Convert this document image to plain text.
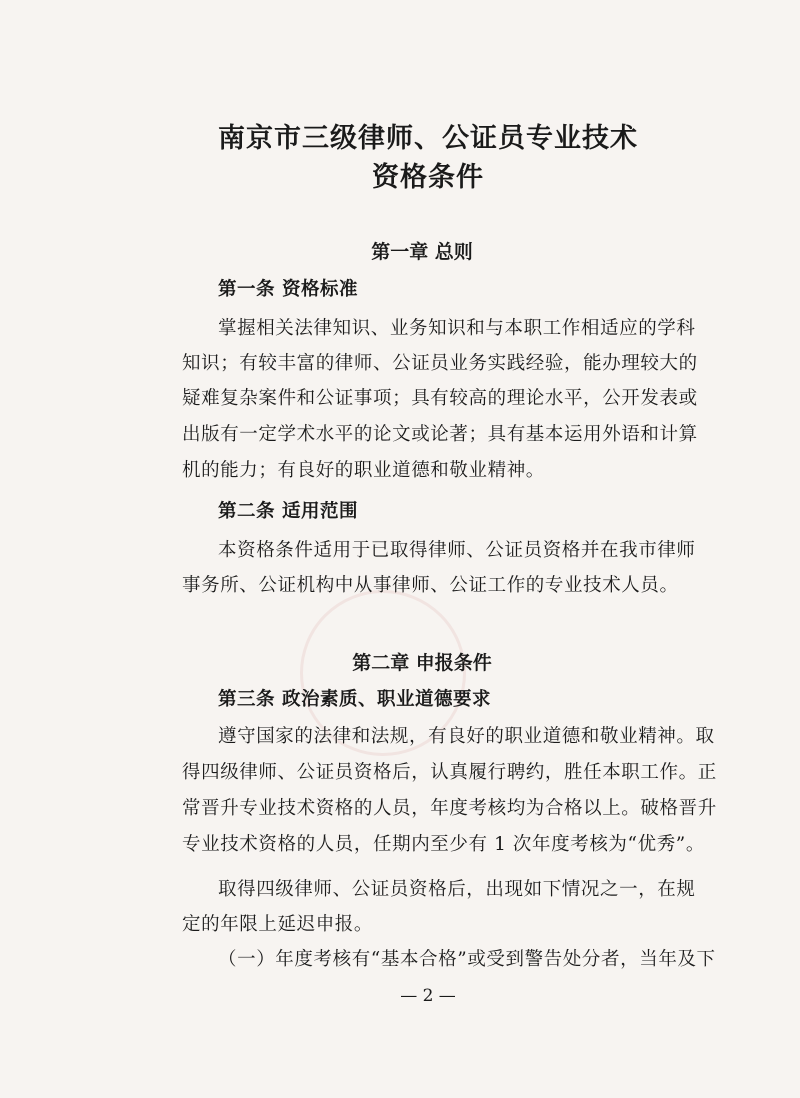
南京市三级律师、公证员专业技术
资格条件
第一章 总则
第一条 资格标准
掌握相关法律知识、业务知识和与本职工作相适应的学科
知识；有较丰富的律师、公证员业务实践经验，能办理较大的
疑难复杂案件和公证事项；具有较高的理论水平，公开发表或
出版有一定学术水平的论文或论著；具有基本运用外语和计算
机的能力；有良好的职业道德和敬业精神。
第二条 适用范围
本资格条件适用于已取得律师、公证员资格并在我市律师
事务所、公证机构中从事律师、公证工作的专业技术人员。
第二章 申报条件
第三条 政治素质、职业道德要求
遵守国家的法律和法规，有良好的职业道德和敬业精神。取
得四级律师、公证员资格后，认真履行聘约，胜任本职工作。正
常晋升专业技术资格的人员，年度考核均为合格以上。破格晋升
专业技术资格的人员，任期内至少有 1 次年度考核为“优秀”。
取得四级律师、公证员资格后，出现如下情况之一，在规
定的年限上延迟申报。
（一）年度考核有“基本合格”或受到警告处分者，当年及下
— 2 —
